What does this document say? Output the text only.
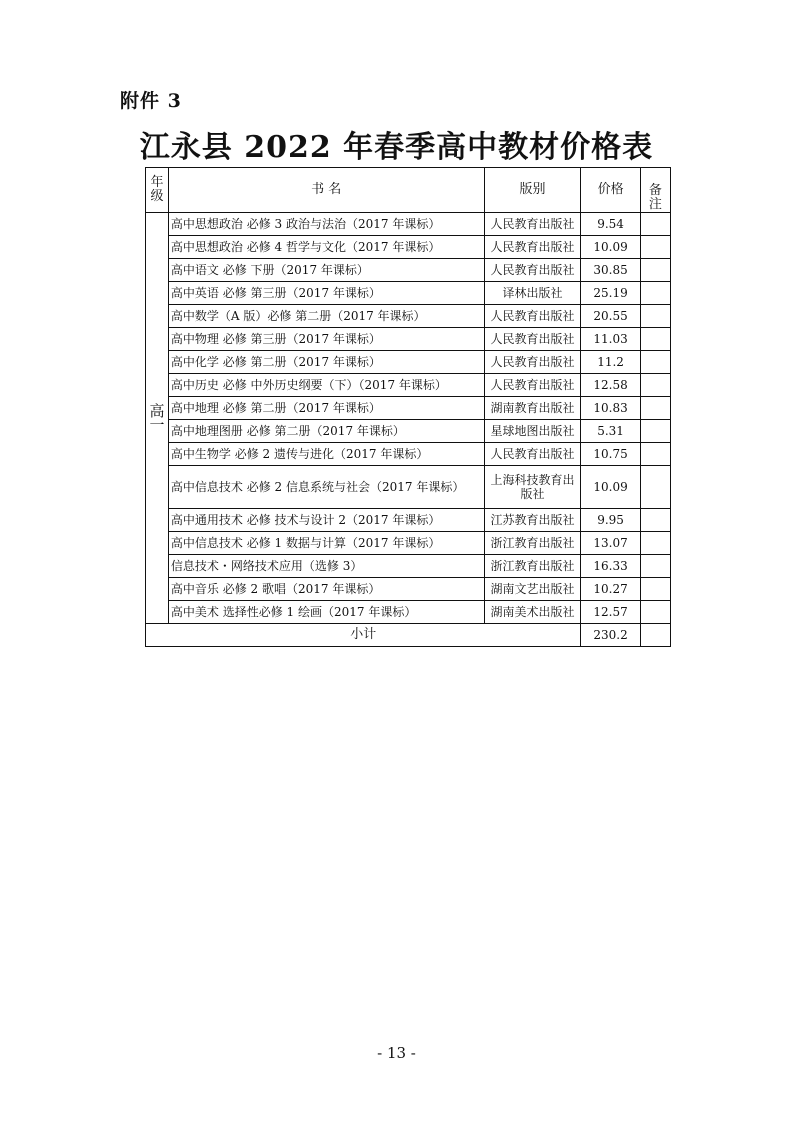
附件 3
江永县 2022 年春季高中教材价格表
年
级	书 名	版别	价格	备注

高
一	高中思想政治 必修 3 政治与法治（2017 年课标）	人民教育出版社	9.54	
	高中思想政治 必修 4 哲学与文化（2017 年课标）	人民教育出版社	10.09	
	高中语文 必修 下册（2017 年课标）	人民教育出版社	30.85	
	高中英语 必修 第三册（2017 年课标）	译林出版社	25.19	
	高中数学（A 版）必修 第二册（2017 年课标）	人民教育出版社	20.55	
	高中物理 必修 第三册（2017 年课标）	人民教育出版社	11.03	
	高中化学 必修 第二册（2017 年课标）	人民教育出版社	11.2	
	高中历史 必修 中外历史纲要（下）（2017 年课标）	人民教育出版社	12.58	
	高中地理 必修 第二册（2017 年课标）	湖南教育出版社	10.83	
	高中地理图册 必修 第二册（2017 年课标）	星球地图出版社	5.31	
	高中生物学 必修 2 遗传与进化（2017 年课标）	人民教育出版社	10.75	
	高中信息技术 必修 2 信息系统与社会（2017 年课标）	上海科技教育出版社	10.09	
	高中通用技术 必修 技术与设计 2（2017 年课标）	江苏教育出版社	9.95	
	高中信息技术 必修 1 数据与计算（2017 年课标）	浙江教育出版社	13.07	
	信息技术・网络技术应用（选修 3）	浙江教育出版社	16.33	
	高中音乐 必修 2 歌唱（2017 年课标）	湖南文艺出版社	10.27	
	高中美术 选择性必修 1 绘画（2017 年课标）	湖南美术出版社	12.57	
小计			230.2	
- 13 -
